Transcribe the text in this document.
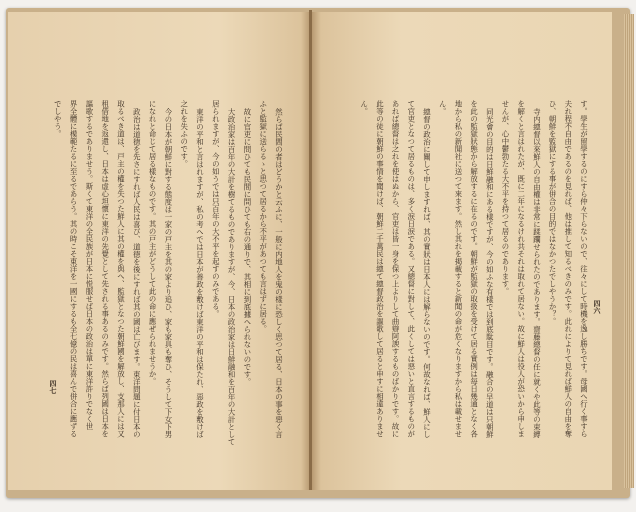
四七	然らば民間の者はどうかと云ふに、一般に内地人を鬼の樣に恐しく思つて居る、日本の事を惡く言
ふと監獄に送らるゝと思つて居るから不平があつても言はずに居る。
故に官吏に問ひても民間に問ひても右の通りで、其相に到底據へられないのです。
大政治家は百年の大計を樹てるものでありますが、今、日本の政治家は日鮮融和を百年の大計として
居られますが、今の如うでは只百年の大不平を起すのみである。
東洋の平和と言はれますが、私の考へでは日本が善政を敷けば東洋の平和は保たれ、惡政を敷けば
之れを失ふのです。
今の日本が朝鮮に對する態度は一家の戸主を其の家より追ひ、家も家具も奪ひ、そうして下女下男
になれと命じて居る樣なものです。其の戸主がどうして此の命に應ぜられませうか。
政治は道徳を先さにすれば人民は喜び、道徳を後にすれば其の國は亡びます。東洋問題に付日本の
取るべき道は、戸主の權を失つた鮮人に其の權を與へ、監獄となつた朝鮮國を解放し、支那人には又
租借地を返還し、日本は虚心坦懷に東洋の先覺として先される事あるのみです。然らば列國は日本を
謳歌するでありませう。斯くて東洋の全民族が日本に悦服せば日本の政治は單に東洋許りでなく世
界全體に模範たるに至るであらう。其の時こそ東洋を一國にするも全七億の民は喜んで併合に應ずる
でしやう。
四六
す。學生が留學するのにすら仲々下らないので、往々にして時機を逸し勝ちです。母國へ行く事すら
夫れ程不自由であるのを見れば、他は推して知るべきのみです。此れによりて見れば鮮人の自由を奪
ひ、朝鮮を監獄にする事が併合の目的ではなかつたでしやうか？。
寺内總督以來鮮人の自由權は非常に蹂躙せられたのであります。齋藤總督の任に就くや此等の束縛
を解くと言はれたが、既に二年になるけれ共それは取れて居ない。故に鮮人は役人が恐いから申しま
せんが、心中鬱勃たる大不平を持つて居るのであります。
同光會の目的は日鮮融和にある樣ですが、今の如ふな有樣では到底駄目です。融合の早道は只朝鮮
を此の監獄狀態から解放するに在るのです。朝鮮が監獄の取扱を受けて居る實例は毎日幾通となく各
地から私の新聞社に送つて來ます。然し其れを掲載すると新聞の命が危くなりますから私は載せませ
ん。
總督の政治に關して申しますれば、其の實狀は日本人には解らないのです。何故なれば、鮮人にし
て官吏となつて居るものは、多く涙日涙である。又總督に對して、此くしては惡いと直言するものが
あれば總督は之れを使はぬから、官吏は皆一身を保つ上よりして曲辯阿諛するものばかりです。故に
此等の徒に朝鮮の事情を聞けば、朝鮮二千萬民は總て總督政治を謳歌して居ると申すに相違ありませ
ん。
